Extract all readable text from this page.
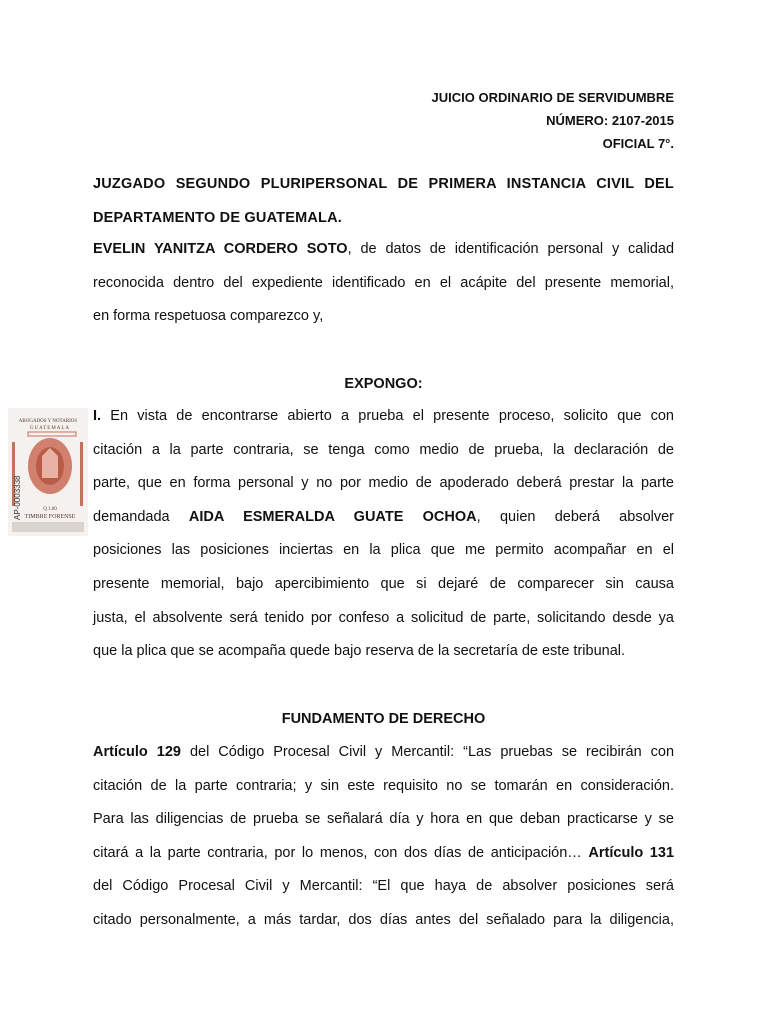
JUICIO ORDINARIO DE SERVIDUMBRE
NÚMERO: 2107-2015
OFICIAL 7°.
JUZGADO SEGUNDO PLURIPERSONAL DE PRIMERA INSTANCIA CIVIL DEL
DEPARTAMENTO DE GUATEMALA.
EVELIN YANITZA CORDERO SOTO, de datos de identificación personal y calidad
reconocida dentro del expediente identificado en el acápite del presente memorial,
en forma respetuosa comparezco y,
EXPONGO:
I. En vista de encontrarse abierto a prueba el presente proceso, solicito que con
citación a la parte contraria, se tenga como medio de prueba, la declaración de
parte, que en forma personal y no por medio de apoderado deberá prestar la parte
demandada AIDA ESMERALDA GUATE OCHOA, quien deberá absolver
posiciones las posiciones inciertas en la plica que me permito acompañar en el
presente memorial, bajo apercibimiento que si dejaré de comparecer sin causa
justa, el absolvente será tenido por confeso a solicitud de parte, solicitando desde ya
que la plica que se acompaña quede bajo reserva de la secretaría de este tribunal.
FUNDAMENTO DE DERECHO
Artículo 129 del Código Procesal Civil y Mercantil: “Las pruebas se recibirán con
citación de la parte contraria; y sin este requisito no se tomarán en consideración.
Para las diligencias de prueba se señalará día y hora en que deban practicarse y se
citará a la parte contraria, por lo menos, con dos días de anticipación… Artículo 131
del Código Procesal Civil y Mercantil: “El que haya de absolver posiciones será
citado personalmente, a más tardar, dos días antes del señalado para la diligencia,
ABOGADOS Y NOTARIOS
GUATEMALA
AP-0003338	Q 1.00
TIMBRE FORENSE
